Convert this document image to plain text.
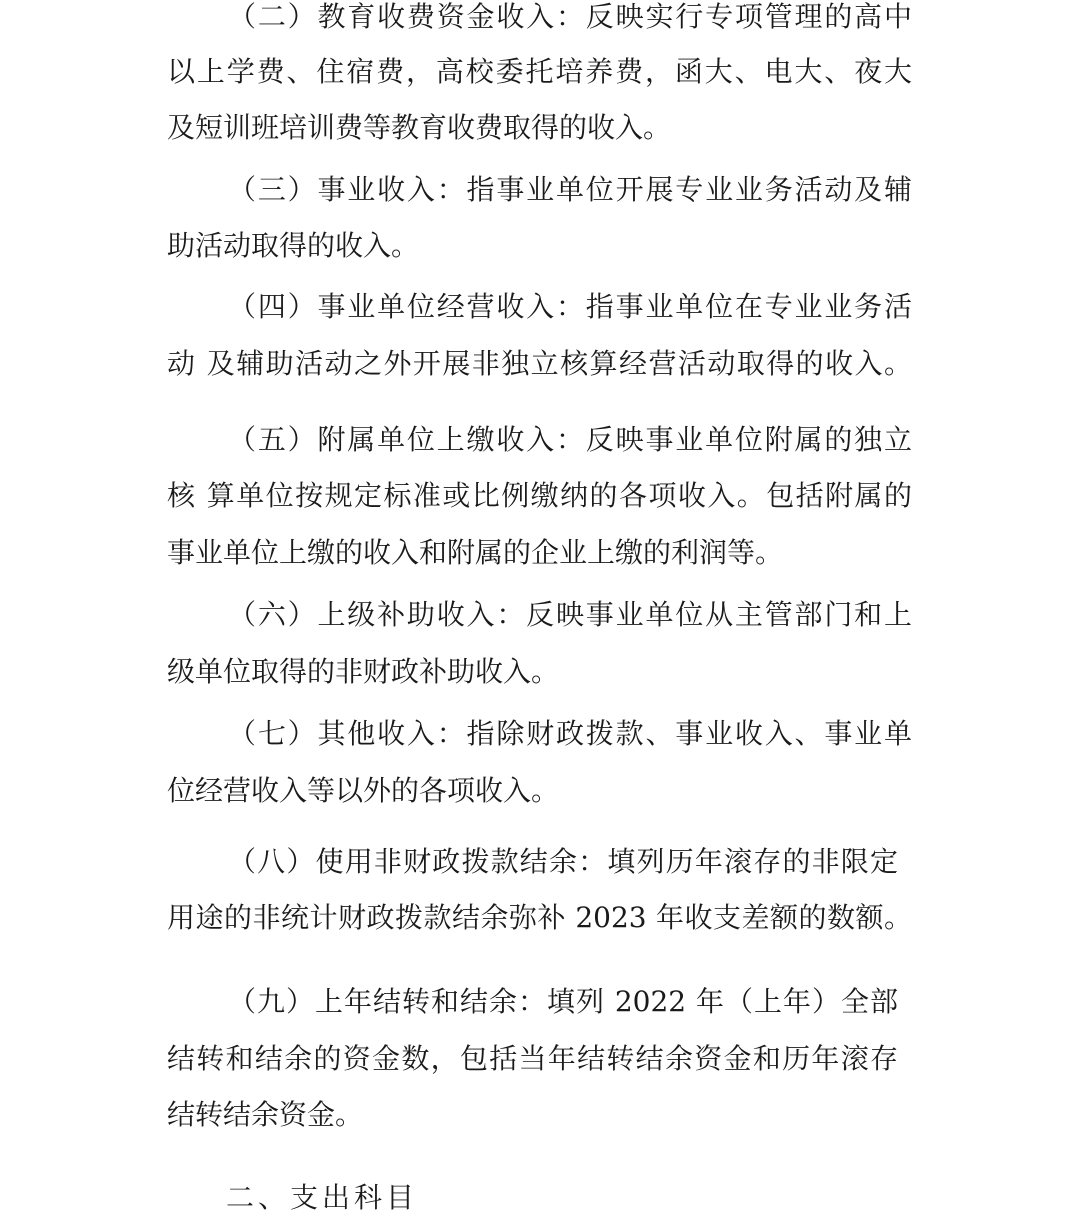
（二）教育收费资金收入：反映实行专项管理的高中

以上学费、住宿费，高校委托培养费，函大、电大、夜大

及短训班培训费等教育收费取得的收入。

（三）事业收入：指事业单位开展专业业务活动及辅

助活动取得的收入。

（四）事业单位经营收入：指事业单位在专业业务活

动 及辅助活动之外开展非独立核算经营活动取得的收入。

（五）附属单位上缴收入：反映事业单位附属的独立

核 算单位按规定标准或比例缴纳的各项收入。包括附属的

事业单位上缴的收入和附属的企业上缴的利润等。

（六）上级补助收入：反映事业单位从主管部门和上

级单位取得的非财政补助收入。

（七）其他收入：指除财政拨款、事业收入、事业单

位经营收入等以外的各项收入。

（八）使用非财政拨款结余：填列历年滚存的非限定

用途的非统计财政拨款结余弥补 2023 年收支差额的数额。

（九）上年结转和结余：填列 2022 年（上年）全部

结转和结余的资金数，包括当年结转结余资金和历年滚存

结转结余资金。

二、支出科目
